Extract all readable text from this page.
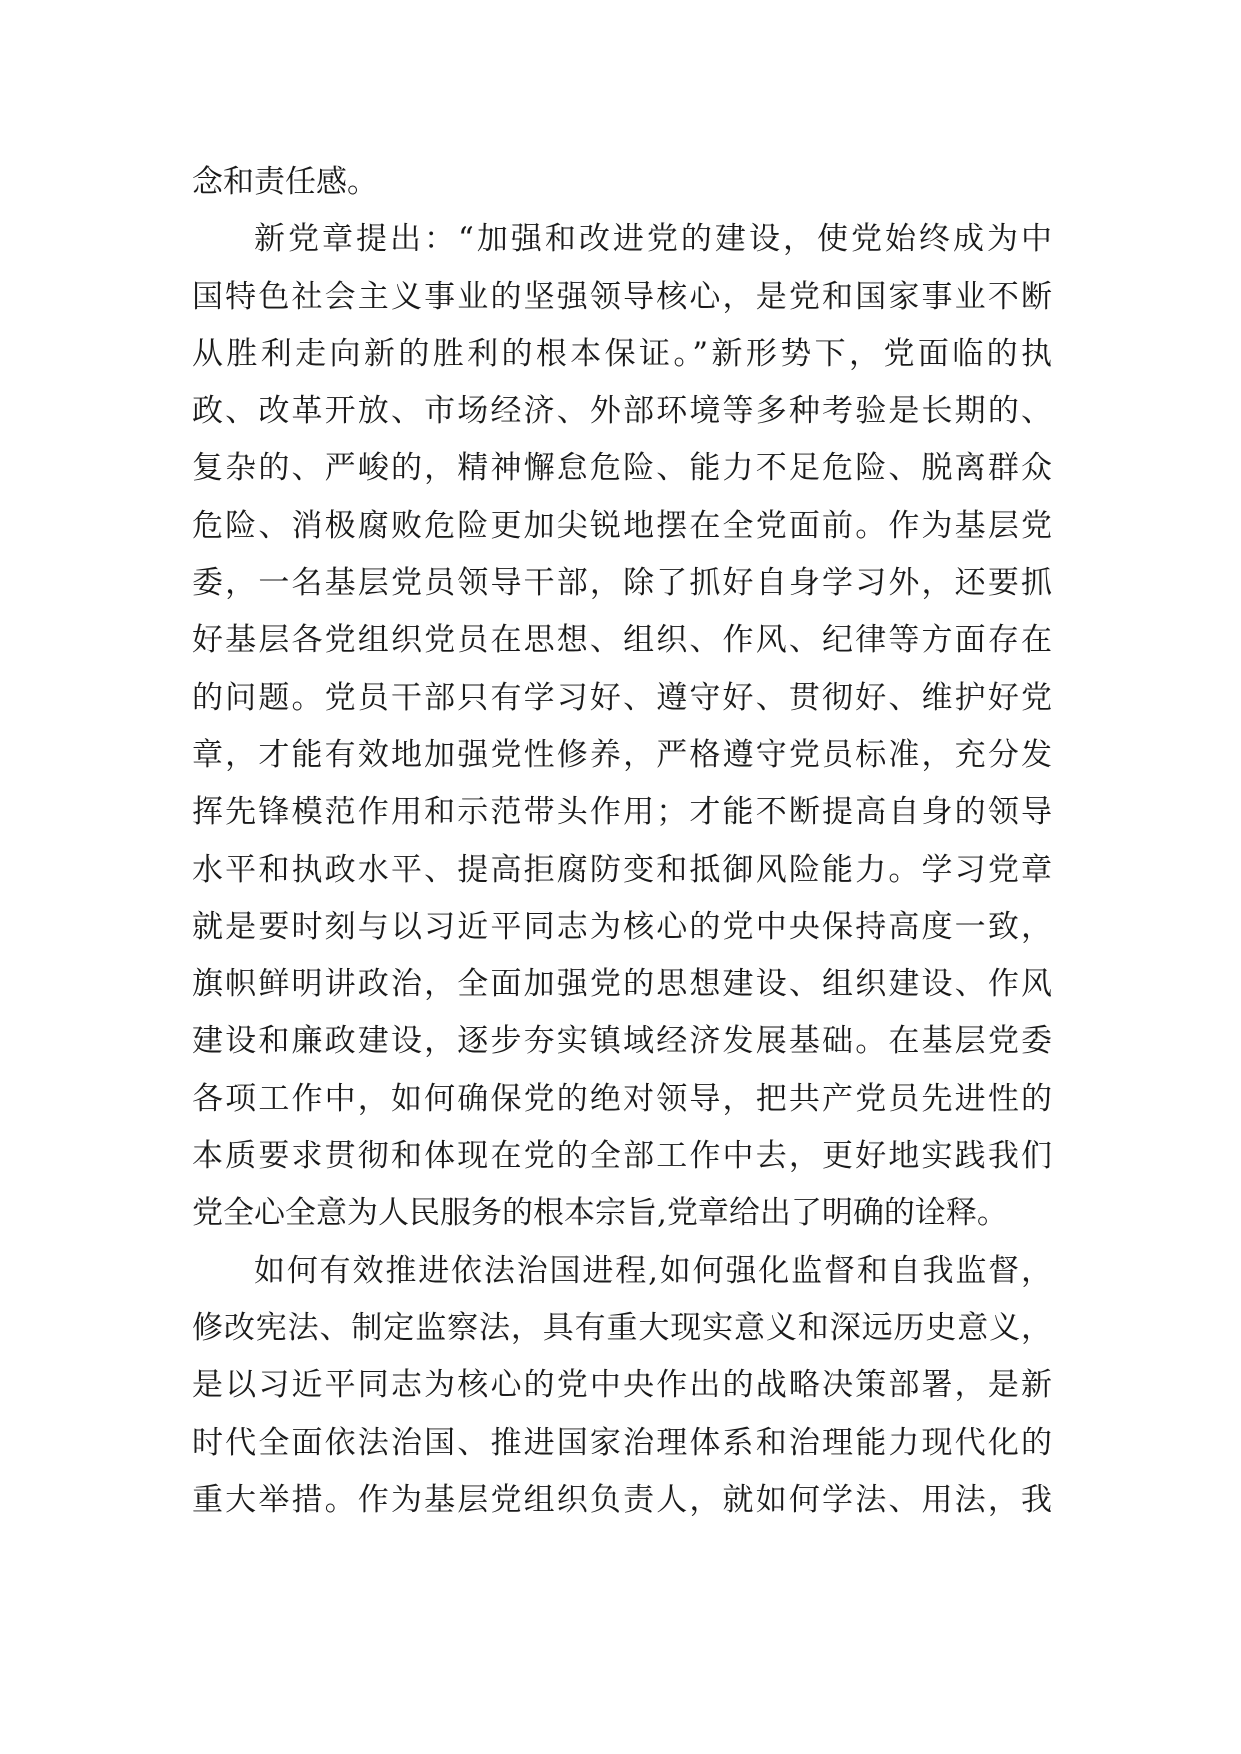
念和责任感。
新党章提出：“加强和改进党的建设，使党始终成为中
国特色社会主义事业的坚强领导核心，是党和国家事业不断
从胜利走向新的胜利的根本保证。”新形势下，党面临的执
政、改革开放、市场经济、外部环境等多种考验是长期的、
复杂的、严峻的，精神懈怠危险、能力不足危险、脱离群众
危险、消极腐败危险更加尖锐地摆在全党面前。作为基层党
委，一名基层党员领导干部，除了抓好自身学习外，还要抓
好基层各党组织党员在思想、组织、作风、纪律等方面存在
的问题。党员干部只有学习好、遵守好、贯彻好、维护好党
章，才能有效地加强党性修养，严格遵守党员标准，充分发
挥先锋模范作用和示范带头作用；才能不断提高自身的领导
水平和执政水平、提高拒腐防变和抵御风险能力。学习党章
就是要时刻与以习近平同志为核心的党中央保持高度一致，
旗帜鲜明讲政治，全面加强党的思想建设、组织建设、作风
建设和廉政建设，逐步夯实镇域经济发展基础。在基层党委
各项工作中，如何确保党的绝对领导，把共产党员先进性的
本质要求贯彻和体现在党的全部工作中去，更好地实践我们
党全心全意为人民服务的根本宗旨,党章给出了明确的诠释。
如何有效推进依法治国进程,如何强化监督和自我监督，
修改宪法、制定监察法，具有重大现实意义和深远历史意义，
是以习近平同志为核心的党中央作出的战略决策部署，是新
时代全面依法治国、推进国家治理体系和治理能力现代化的
重大举措。作为基层党组织负责人，就如何学法、用法，我
